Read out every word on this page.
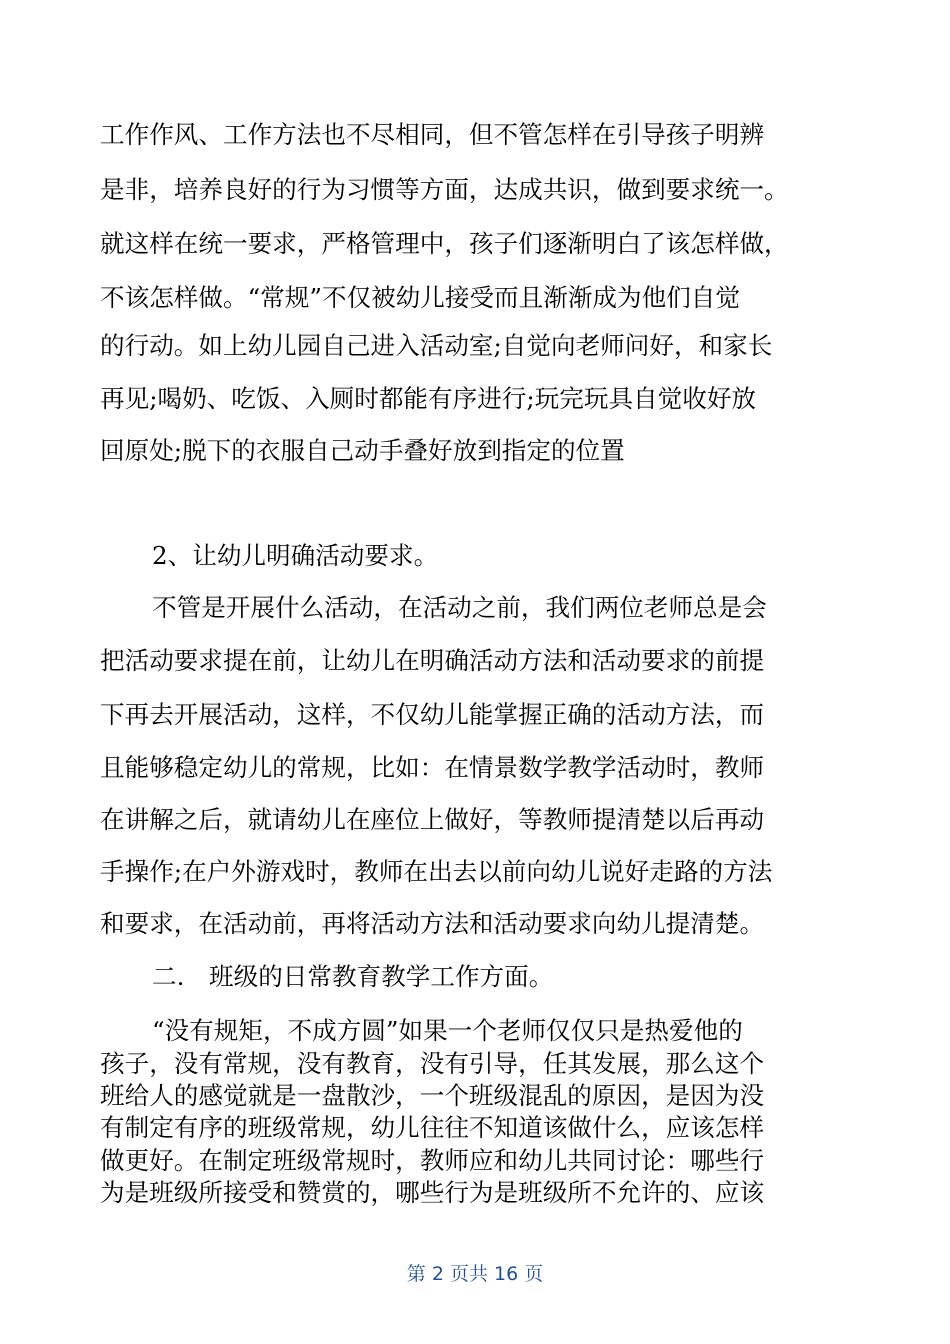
工作作风、工作方法也不尽相同，但不管怎样在引导孩子明辨
是非，培养良好的行为习惯等方面，达成共识，做到要求统一。
就这样在统一要求，严格管理中，孩子们逐渐明白了该怎样做，
不该怎样做。“常规”不仅被幼儿接受而且渐渐成为他们自觉
的行动。如上幼儿园自己进入活动室;自觉向老师问好，和家长
再见;喝奶、吃饭、入厕时都能有序进行;玩完玩具自觉收好放
回原处;脱下的衣服自己动手叠好放到指定的位置
2、让幼儿明确活动要求。
不管是开展什么活动，在活动之前，我们两位老师总是会
把活动要求提在前，让幼儿在明确活动方法和活动要求的前提
下再去开展活动，这样，不仅幼儿能掌握正确的活动方法，而
且能够稳定幼儿的常规，比如：在情景数学教学活动时，教师
在讲解之后，就请幼儿在座位上做好，等教师提清楚以后再动
手操作;在户外游戏时，教师在出去以前向幼儿说好走路的方法
和要求，在活动前，再将活动方法和活动要求向幼儿提清楚。
二.　班级的日常教育教学工作方面。
“没有规矩，不成方圆”如果一个老师仅仅只是热爱他的
孩子，没有常规，没有教育，没有引导，任其发展，那么这个
班给人的感觉就是一盘散沙，一个班级混乱的原因，是因为没
有制定有序的班级常规，幼儿往往不知道该做什么，应该怎样
做更好。在制定班级常规时，教师应和幼儿共同讨论：哪些行
为是班级所接受和赞赏的，哪些行为是班级所不允许的、应该
第 2 页共 16 页
